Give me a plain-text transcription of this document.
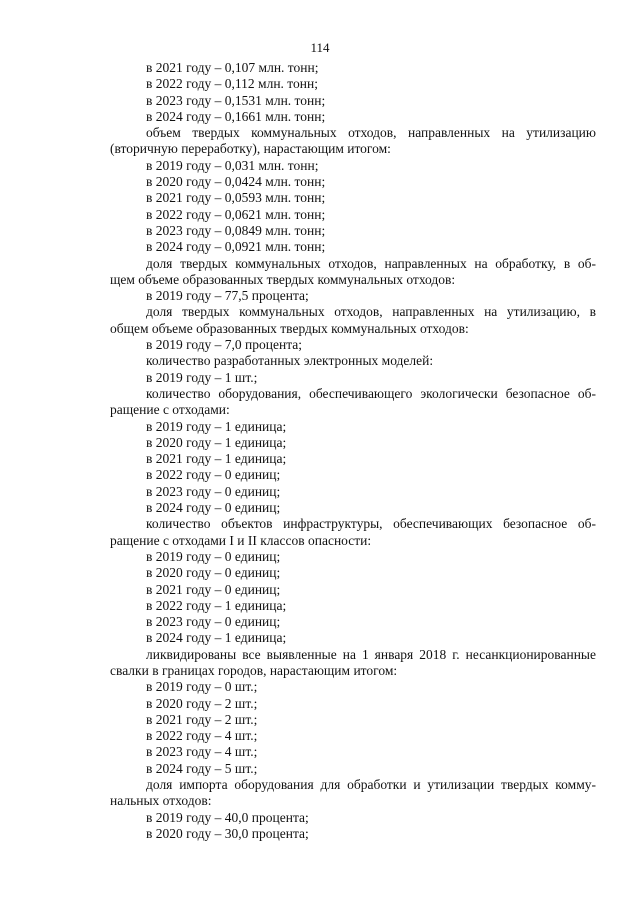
114
в 2021 году – 0,107 млн. тонн;
в 2022 году – 0,112 млн. тонн;
в 2023 году – 0,1531 млн. тонн;
в 2024 году – 0,1661 млн. тонн;
объем твердых коммунальных отходов, направленных на утилизацию
(вторичную переработку), нарастающим итогом:
в 2019 году – 0,031 млн. тонн;
в 2020 году – 0,0424 млн. тонн;
в 2021 году – 0,0593 млн. тонн;
в 2022 году – 0,0621 млн. тонн;
в 2023 году – 0,0849 млн. тонн;
в 2024 году – 0,0921 млн. тонн;
доля твердых коммунальных отходов, направленных на обработку, в об-
щем объеме образованных твердых коммунальных отходов:
в 2019 году – 77,5 процента;
доля твердых коммунальных отходов, направленных на утилизацию, в
общем объеме образованных твердых коммунальных отходов:
в 2019 году – 7,0 процента;
количество разработанных электронных моделей:
в 2019 году – 1 шт.;
количество оборудования, обеспечивающего экологически безопасное об-
ращение с отходами:
в 2019 году – 1 единица;
в 2020 году – 1 единица;
в 2021 году – 1 единица;
в 2022 году – 0 единиц;
в 2023 году – 0 единиц;
в 2024 году – 0 единиц;
количество объектов инфраструктуры, обеспечивающих безопасное об-
ращение с отходами I и II классов опасности:
в 2019 году – 0 единиц;
в 2020 году – 0 единиц;
в 2021 году – 0 единиц;
в 2022 году – 1 единица;
в 2023 году – 0 единиц;
в 2024 году – 1 единица;
ликвидированы все выявленные на 1 января 2018 г. несанкционированные
свалки в границах городов, нарастающим итогом:
в 2019 году – 0 шт.;
в 2020 году – 2 шт.;
в 2021 году – 2 шт.;
в 2022 году – 4 шт.;
в 2023 году – 4 шт.;
в 2024 году – 5 шт.;
доля импорта оборудования для обработки и утилизации твердых комму-
нальных отходов:
в 2019 году – 40,0 процента;
в 2020 году – 30,0 процента;
